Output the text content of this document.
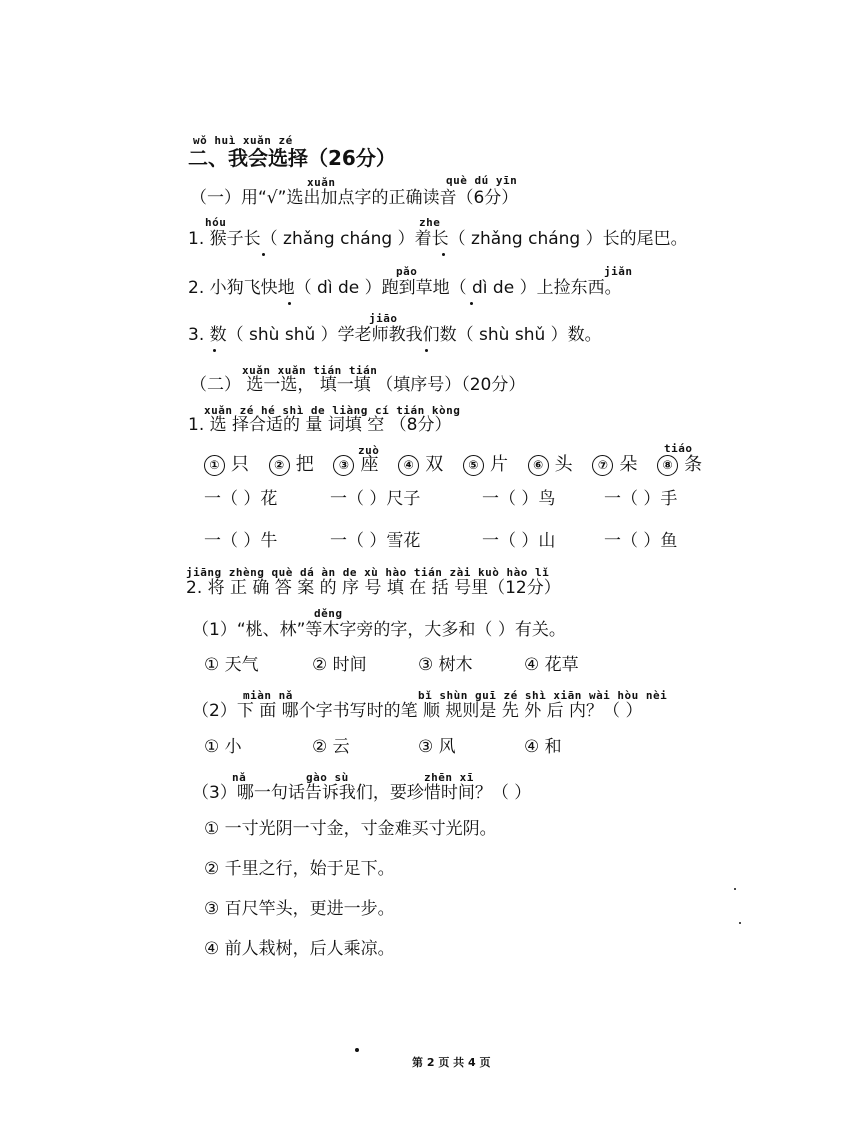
wǒ huì xuǎn zé
二、我会选择（26分）
xuǎn	què dú yīn
（一）用“√”选出加点字的正确读音（6分）
hóu	zhe
1. 猴子长（ zhǎng cháng ）着长（ zhǎng cháng ）长的尾巴。
pǎo	jiǎn
2. 小狗飞快地（ dì de ）跑到草地（ dì de ）上捡东西。
jiāo
3. 数（ shù shǔ ）学老师教我们数（ shù shǔ ）数。
xuǎn xuǎn tián tián
（二） 选一选， 填一填 （填序号）（20分）
xuǎn zé hé shì de liàng cí tián kòng
1. 选 择合适的 量 词填 空 （8分）
zuò	tiáo
① 只 ② 把 ③ 座 ④ 双 ⑤ 片 ⑥ 头 ⑦ 朵 ⑧ 条
一（ ）花	一（ ）尺子	一（ ）鸟	一（ ）手
一（ ）牛	一（ ）雪花	一（ ）山	一（ ）鱼
jiāng zhèng què dá àn de xù hào tián zài kuò hào lǐ
2. 将 正 确 答 案 的 序 号 填 在 括 号里（12分）
děng
（1）“桃、林”等木字旁的字，大多和（ ）有关。
① 天气	② 时间	③ 树木	④ 花草
miàn nǎ	bǐ shùn guī zé shì xiān wài hòu nèi
（2）下 面 哪个字书写时的笔 顺 规则是 先 外 后 内？（ ）
① 小	② 云	③ 风	④ 和
nǎ	gào sù	zhēn xī
（3）哪一句话告诉我们，要珍惜时间？（ ）
① 一寸光阴一寸金，寸金难买寸光阴。
② 千里之行，始于足下。
③ 百尺竿头，更进一步。
④ 前人栽树，后人乘凉。
第 2 页 共 4 页
